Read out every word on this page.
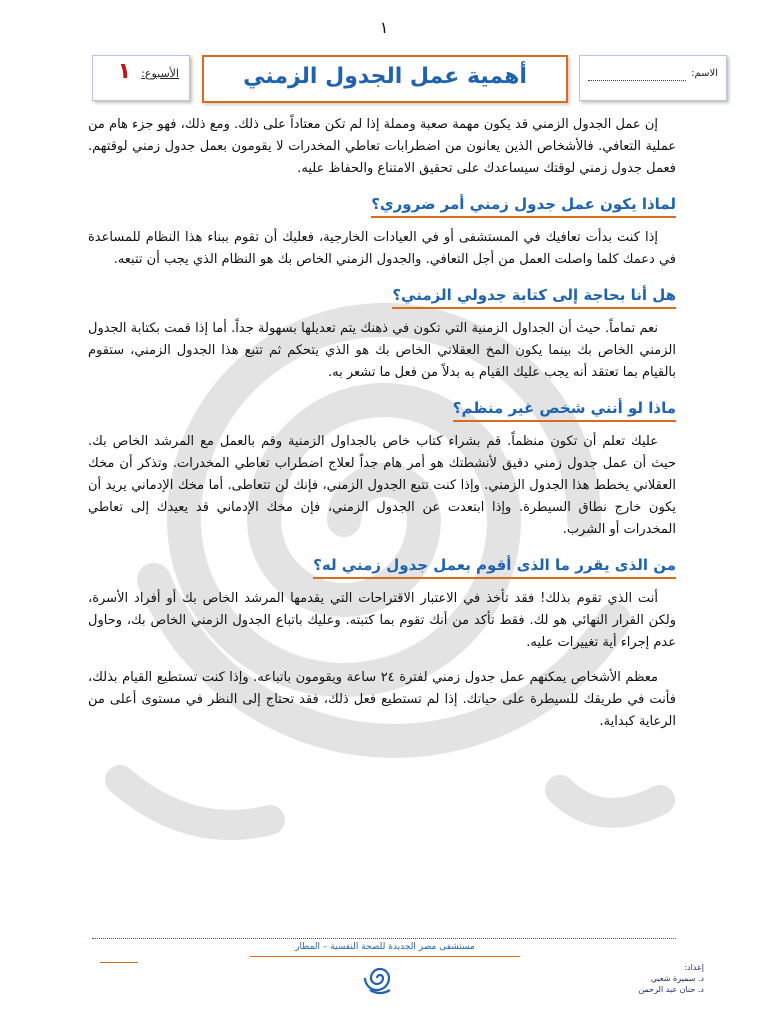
١
الأسبوع:
١	أهمية عمل الجدول الزمني	الاسم:

إن عمل الجدول الزمني قد يكون مهمة صعبة ومملة إذا لم تكن معتاداً على ذلك. ومع ذلك، فهو جزء هام من عملية التعافي. فالأشخاص الذين يعانون من اضطرابات تعاطي المخدرات لا يقومون بعمل جدول زمني لوقتهم. فعمل جدول زمني لوقتك سيساعدك على تحقيق الامتناع والحفاظ عليه.

لماذا يكون عمل جدول زمني أمر ضروري؟

إذا كنت بدأت تعافيك في المستشفى أو في العيادات الخارجية، فعليك أن تقوم ببناء هذا النظام للمساعدة في دعمك كلما واصلت العمل من أجل التعافي. والجدول الزمني الخاص بك هو النظام الذي يجب أن تتبعه.

هل أنا بحاجة إلى كتابة جدولي الزمني؟

نعم تماماً. حيث أن الجداول الزمنية التي تكون في ذهنك يتم تعديلها بسهولة جداً. أما إذا قمت بكتابة الجدول الزمني الخاص بك بينما يكون المخ العقلاني الخاص بك هو الذي يتحكم ثم تتبع هذا الجدول الزمني، ستقوم بالقيام بما تعتقد أنه يجب عليك القيام به بدلاً من فعل ما تشعر به.

ماذا لو أنني شخص غير منظم؟

عليك تعلم أن تكون منظماً. قم بشراء كتاب خاص بالجداول الزمنية وقم بالعمل مع المرشد الخاص بك. حيث أن عمل جدول زمني دقيق لأنشطتك هو أمر هام جداً لعلاج اضطراب تعاطي المخدرات. وتذكر أن مخك العقلاني يخطط هذا الجدول الزمني. وإذا كنت تتبع الجدول الزمني، فإنك لن تتعاطى. أما مخك الإدماني يريد أن يكون خارج نطاق السيطرة. وإذا ابتعدت عن الجدول الزمني، فإن مخك الإدماني قد يعيدك إلى تعاطي المخدرات أو الشرب.

من الذى يقرر ما الذى أقوم بعمل جدول زمني له؟

أنت الذي تقوم بذلك! فقد تأخذ في الاعتبار الاقتراحات التي يقدمها المرشد الخاص بك أو أفراد الأسرة، ولكن القرار النهائي هو لك. فقط تأكد من أنك تقوم بما كتبته. وعليك باتباع الجدول الزمني الخاص بك، وحاول عدم إجراء أية تغييرات عليه.

معظم الأشخاص يمكنهم عمل جدول زمني لفترة ٢٤ ساعة ويقومون باتباعه. وإذا كنت تستطيع القيام بذلك، فأنت في طريقك للسيطرة على حياتك. إذا لم تستطيع فعل ذلك، فقد تحتاج إلى النظر في مستوى أعلى من الرعاية كبداية.

مستشفى مصر الجديدة للصحة النفسية – المطار
إعداد:
د. سميرة شعبي
د. حنان عبد الرحمن
